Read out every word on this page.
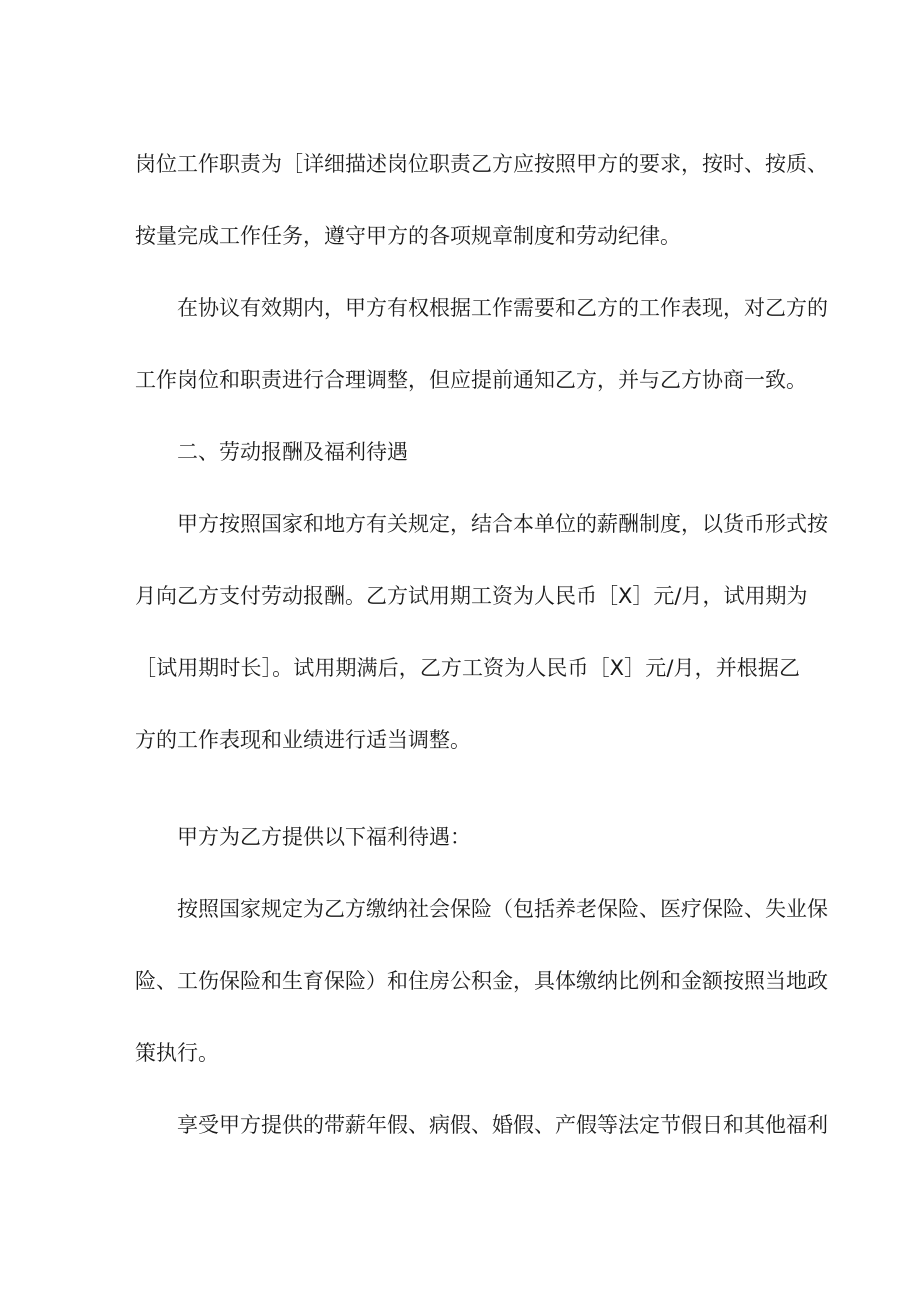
岗位工作职责为［详细描述岗位职责乙方应按照甲方的要求，按时、按质、
按量完成工作任务，遵守甲方的各项规章制度和劳动纪律。
在协议有效期内，甲方有权根据工作需要和乙方的工作表现，对乙方的
工作岗位和职责进行合理调整，但应提前通知乙方，并与乙方协商一致。
二、劳动报酬及福利待遇
甲方按照国家和地方有关规定，结合本单位的薪酬制度，以货币形式按
月向乙方支付劳动报酬。乙方试用期工资为人民币［X］元/月，试用期为
［试用期时长］。试用期满后，乙方工资为人民币［X］元/月，并根据乙
方的工作表现和业绩进行适当调整。
甲方为乙方提供以下福利待遇：
按照国家规定为乙方缴纳社会保险（包括养老保险、医疗保险、失业保
险、工伤保险和生育保险）和住房公积金，具体缴纳比例和金额按照当地政
策执行。
享受甲方提供的带薪年假、病假、婚假、产假等法定节假日和其他福利
